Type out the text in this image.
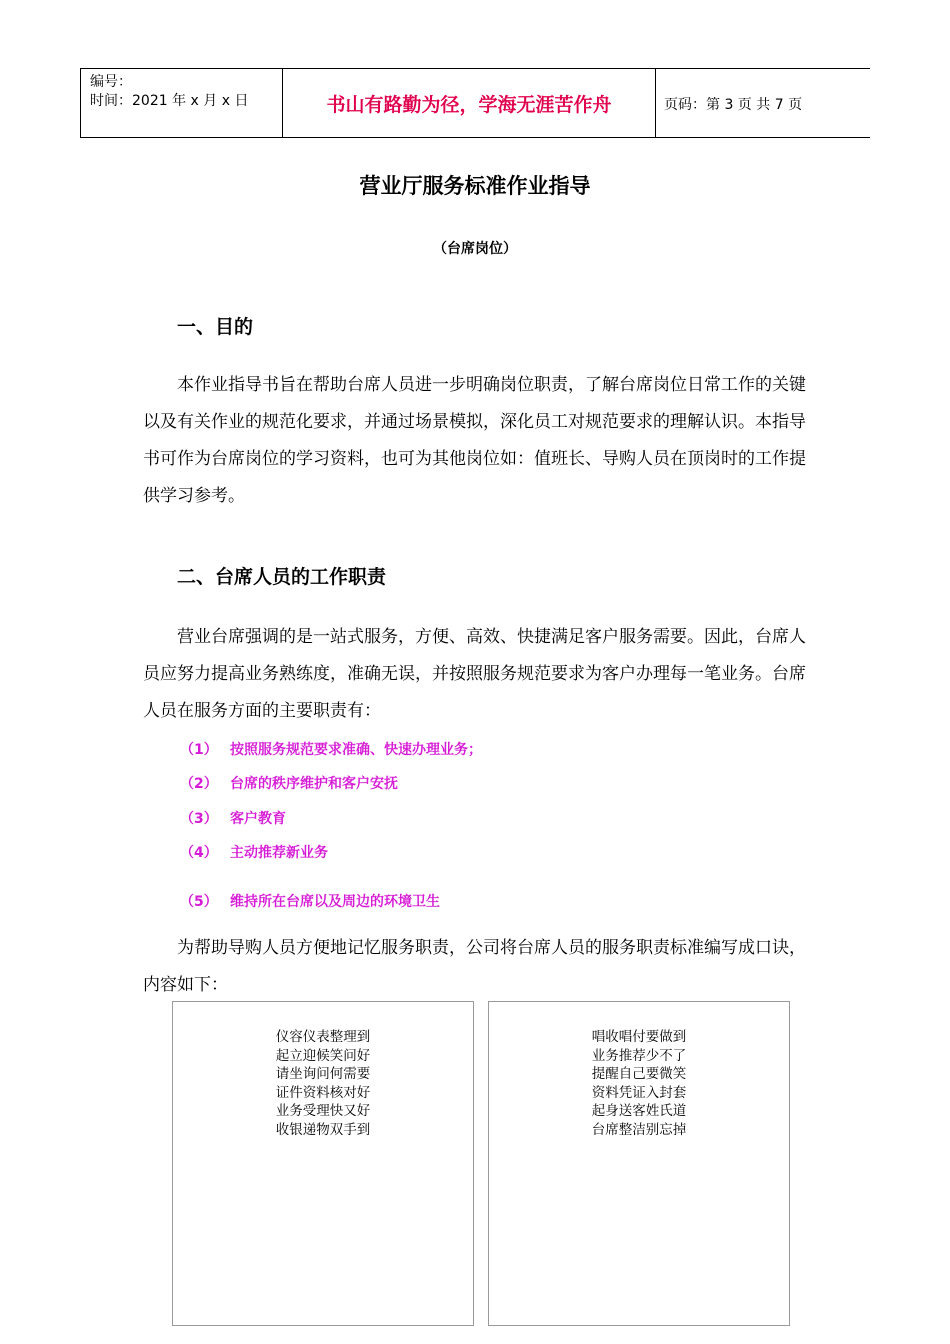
编号：
时间：2021 年 x 月 x 日	书山有路勤为径，学海无涯苦作舟	页码：第 3 页 共 7 页
营业厅服务标准作业指导
（台席岗位）
一、目的

本作业指导书旨在帮助台席人员进一步明确岗位职责，了解台席岗位日常工作的关键以及有关作业的规范化要求，并通过场景模拟，深化员工对规范要求的理解认识。本指导书可作为台席岗位的学习资料，也可为其他岗位如：值班长、导购人员在顶岗时的工作提供学习参考。

二、台席人员的工作职责

营业台席强调的是一站式服务，方便、高效、快捷满足客户服务需要。因此，台席人员应努力提高业务熟练度，准确无误，并按照服务规范要求为客户办理每一笔业务。台席人员在服务方面的主要职责有：

（1） 按照服务规范要求准确、快速办理业务；
（2） 台席的秩序维护和客户安抚
（3） 客户教育
（4） 主动推荐新业务
（5） 维持所在台席以及周边的环境卫生

为帮助导购人员方便地记忆服务职责，公司将台席人员的服务职责标准编写成口诀，内容如下：

仪容仪表整理到
起立迎候笑问好
请坐询问何需要
证件资料核对好
业务受理快又好
收银递物双手到
唱收唱付要做到
业务推荐少不了
提醒自己要微笑
资料凭证入封套
起身送客姓氏道
台席整洁别忘掉
